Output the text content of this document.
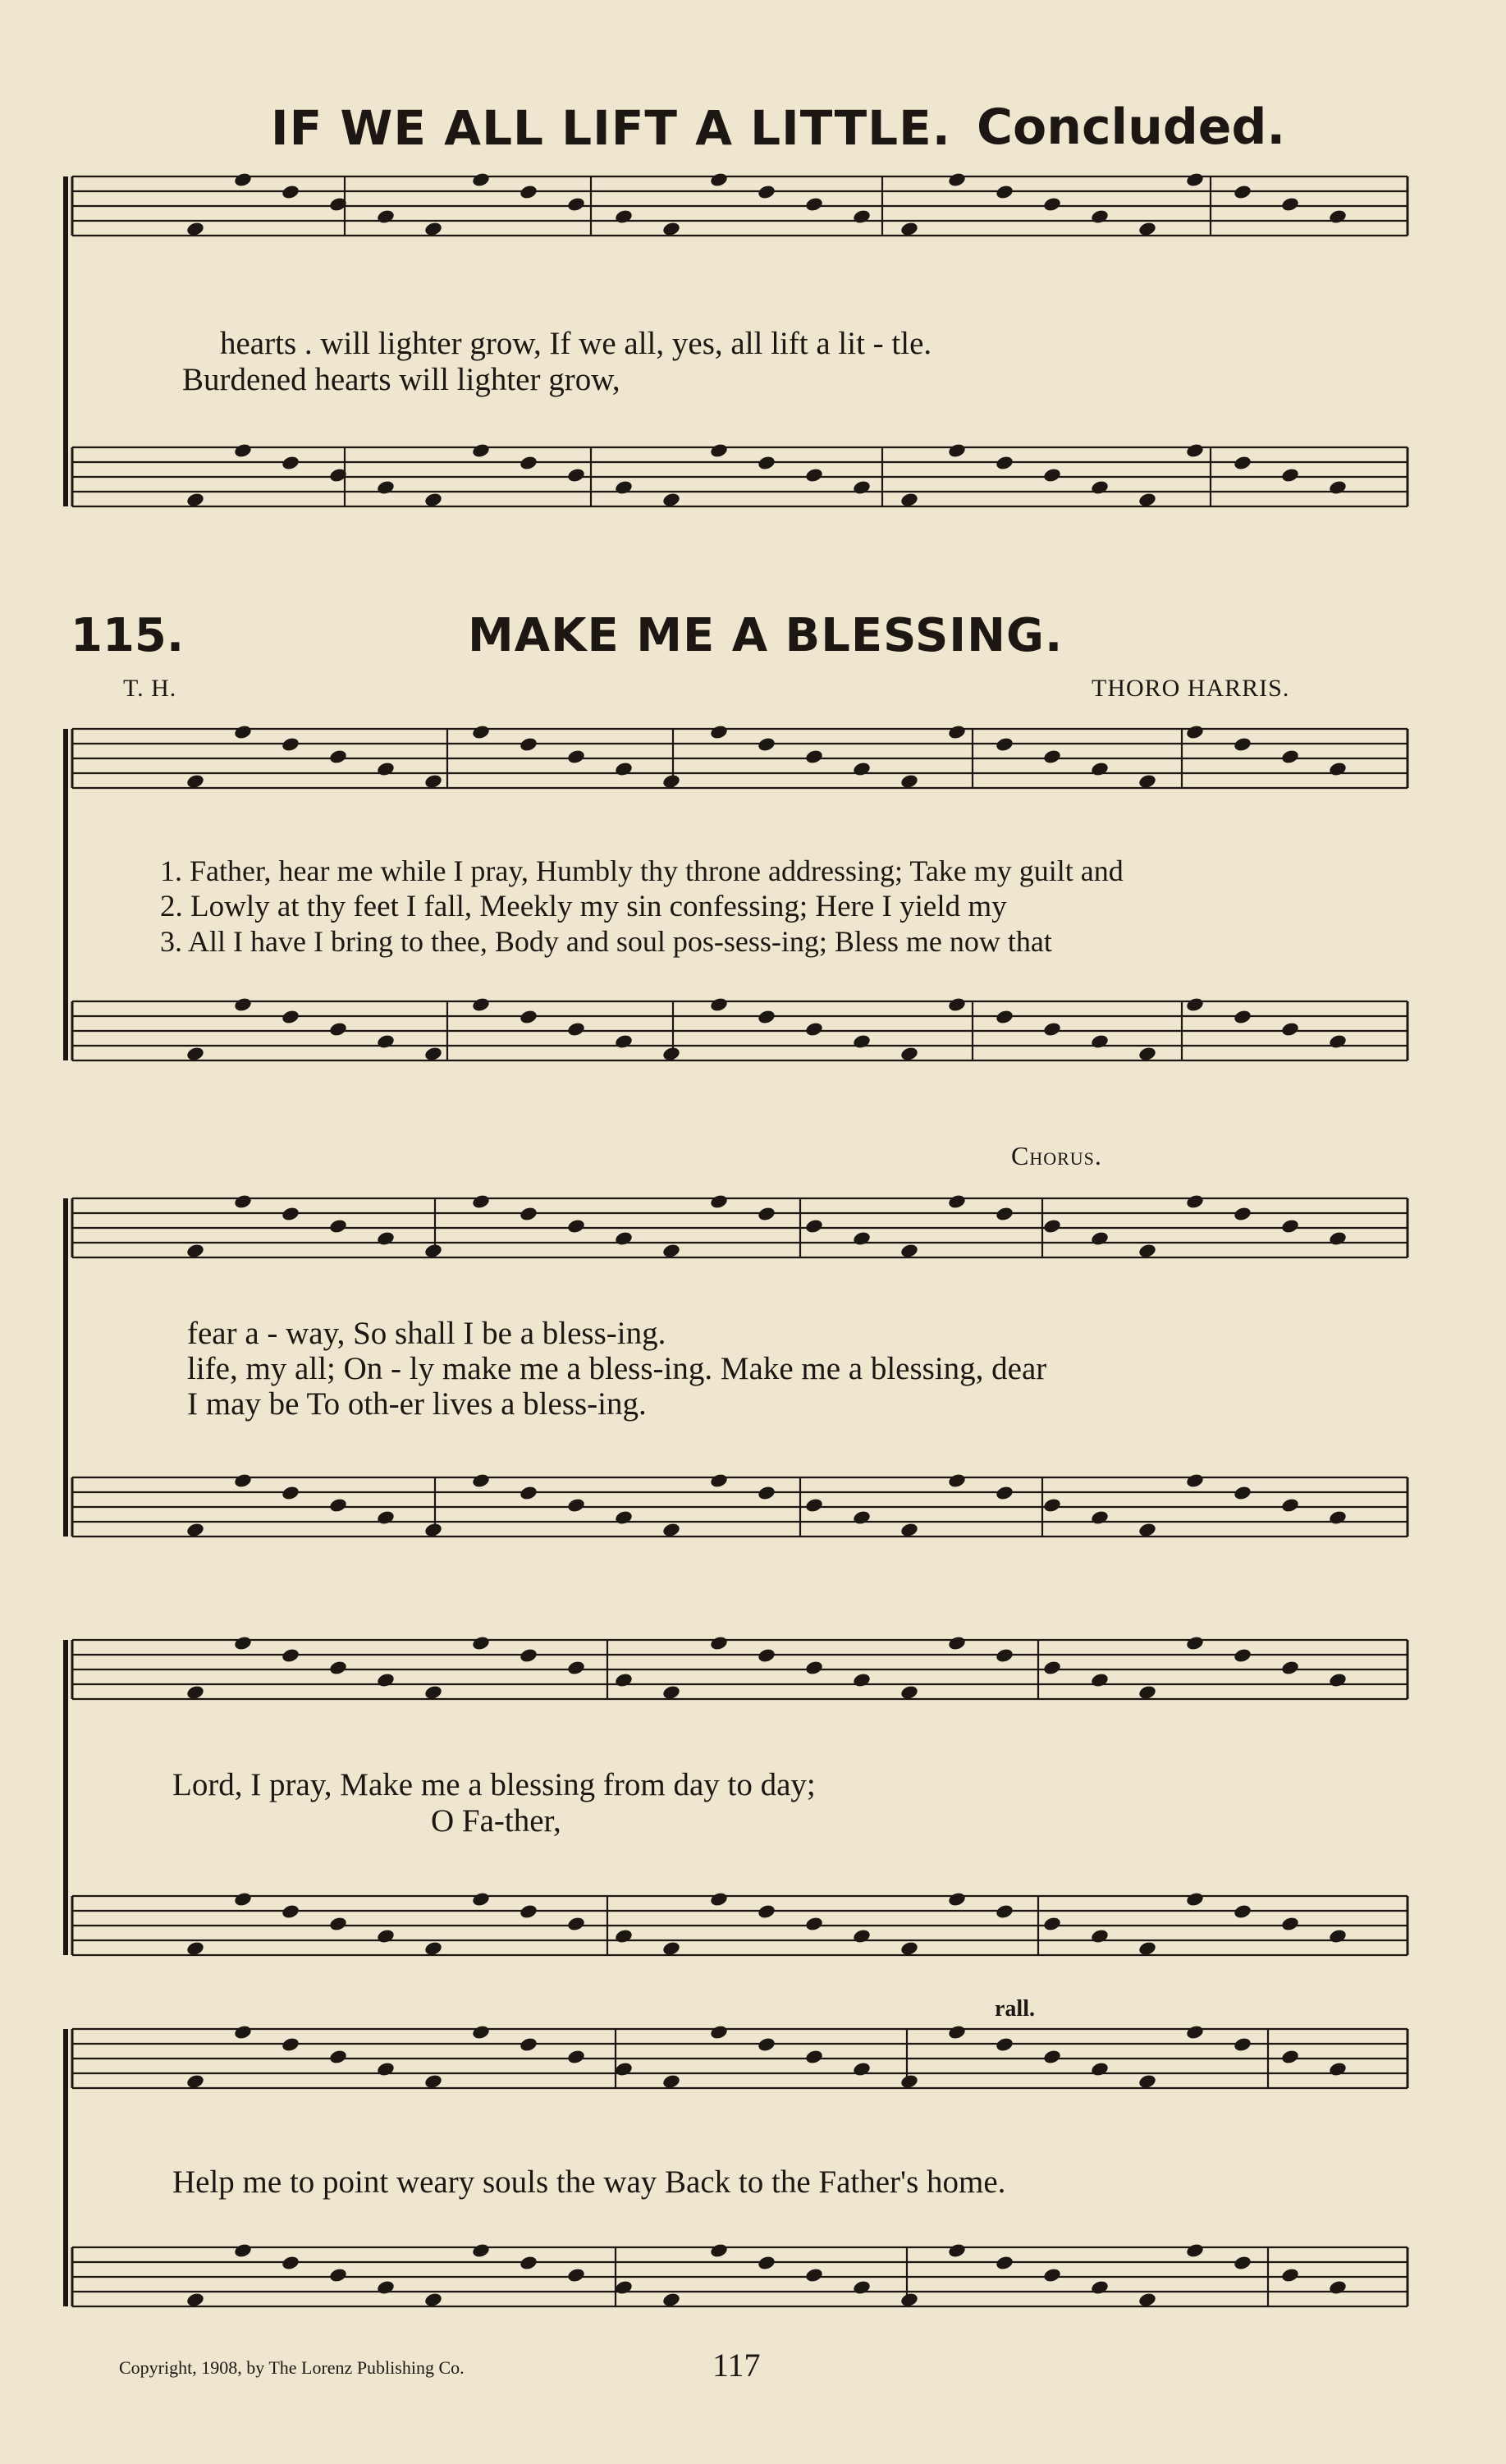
IF WE ALL LIFT A LITTLE. Concluded.
hearts . will lighter grow, If we all, yes, all lift a lit - tle.
Burdened hearts will lighter grow,
115.	MAKE ME A BLESSING.
T. H.	THORO HARRIS.
1. Father, hear me while I pray, Humbly thy throne addressing; Take my guilt and
2. Lowly at thy feet I fall, Meekly my sin confessing; Here I yield my
3. All I have I bring to thee, Body and soul pos-sess-ing; Bless me now that
Chorus.
fear a - way, So shall I be a bless-ing.
life, my all; On - ly make me a bless-ing. Make me a blessing, dear
I may be To oth-er lives a bless-ing.
Lord, I pray, Make me a blessing from day to day;
O Fa-ther,
rall.
Help me to point weary souls the way Back to the Father's home.
Copyright, 1908, by The Lorenz Publishing Co.	117
